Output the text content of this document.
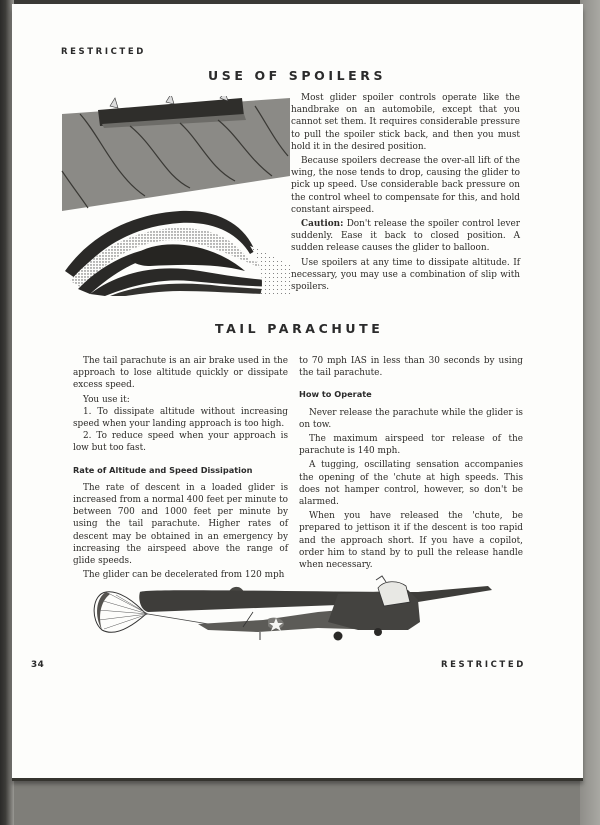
RESTRICTED
USE OF SPOILERS

Most glider spoiler controls operate like the handbrake on an automobile, except that you cannot set them. It requires considerable pressure to pull the spoiler stick back, and then you must hold it in the desired position.

Because spoilers decrease the over-all lift of the wing, the nose tends to drop, causing the glider to pick up speed. Use considerable back pressure on the control wheel to compensate for this, and hold constant airspeed.

Caution: Don't release the spoiler control lever suddenly. Ease it back to closed position. A sudden release causes the glider to balloon.

Use spoilers at any time to dissipate altitude. If necessary, you may use a combination of slip with spoilers.

TAIL PARACHUTE

The tail parachute is an air brake used in the approach to lose altitude quickly or dissipate excess speed.

You use it:

1. To dissipate altitude without increasing speed when your landing approach is too high.

2. To reduce speed when your approach is low but too fast.

Rate of Altitude and Speed Dissipation

The rate of descent in a loaded glider is increased from a normal 400 feet per minute to between 700 and 1000 feet per minute by using the tail parachute. Higher rates of descent may be obtained in an emergency by increasing the airspeed above the range of glide speeds.

The glider can be decelerated from 120 mph

to 70 mph IAS in less than 30 seconds by using the tail parachute.

How to Operate

Never release the parachute while the glider is on tow.

The maximum airspeed tor release of the parachute is 140 mph.

A tugging, oscillating sensation accompanies the opening of the 'chute at high speeds. This does not hamper control, however, so don't be alarmed.

When you have released the 'chute, be prepared to jettison it if the descent is too rapid and the approach short. If you have a copilot, order him to stand by to pull the release handle when necessary.

34	RESTRICTED
